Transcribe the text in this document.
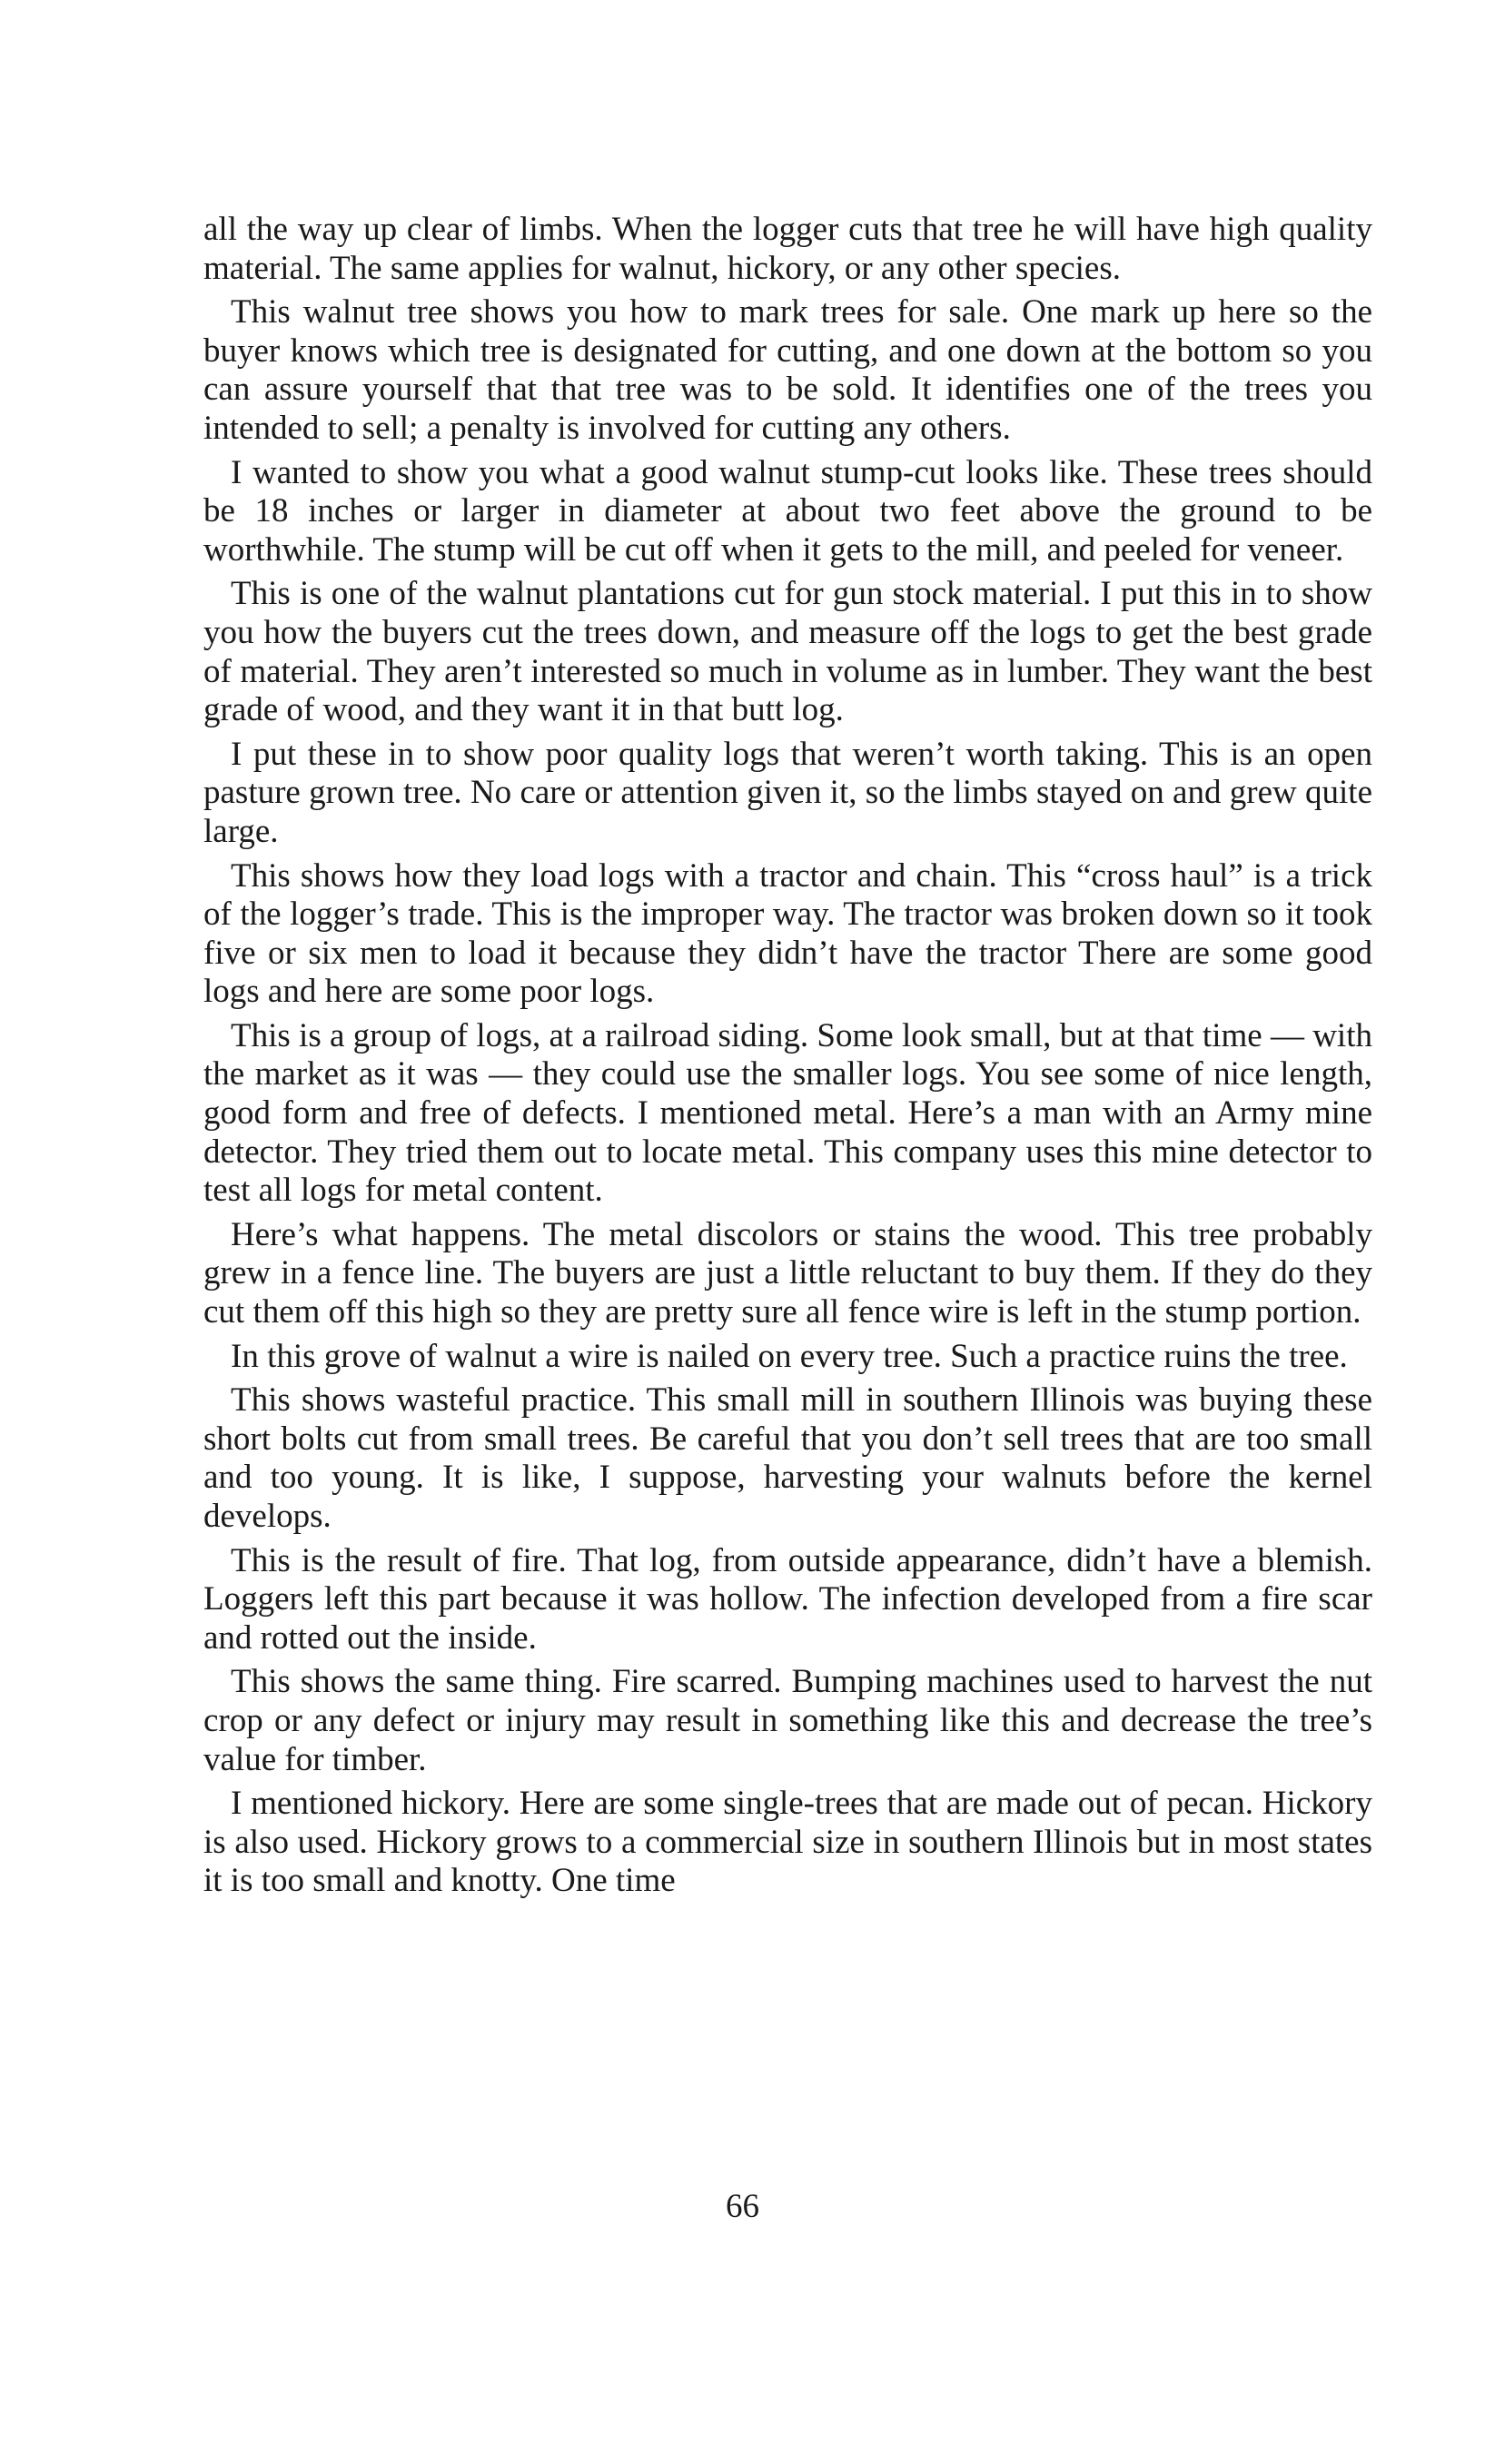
all the way up clear of limbs. When the logger cuts that tree he will have high quality material. The same applies for walnut, hickory, or any other species.

This walnut tree shows you how to mark trees for sale. One mark up here so the buyer knows which tree is designated for cutting, and one down at the bottom so you can assure yourself that that tree was to be sold. It identifies one of the trees you intended to sell; a penalty is involved for cutting any others.

I wanted to show you what a good walnut stump-cut looks like. These trees should be 18 inches or larger in diameter at about two feet above the ground to be worthwhile. The stump will be cut off when it gets to the mill, and peeled for veneer.

This is one of the walnut plantations cut for gun stock material. I put this in to show you how the buyers cut the trees down, and measure off the logs to get the best grade of material. They aren’t interested so much in volume as in lumber. They want the best grade of wood, and they want it in that butt log.

I put these in to show poor quality logs that weren’t worth taking. This is an open pasture grown tree. No care or attention given it, so the limbs stayed on and grew quite large.

This shows how they load logs with a tractor and chain. This “cross haul” is a trick of the logger’s trade. This is the improper way. The tractor was broken down so it took five or six men to load it because they didn’t have the tractor There are some good logs and here are some poor logs.

This is a group of logs, at a railroad siding. Some look small, but at that time — with the market as it was — they could use the smaller logs. You see some of nice length, good form and free of defects. I mentioned metal. Here’s a man with an Army mine detector. They tried them out to locate metal. This company uses this mine detector to test all logs for metal content.

Here’s what happens. The metal discolors or stains the wood. This tree probably grew in a fence line. The buyers are just a little reluctant to buy them. If they do they cut them off this high so they are pretty sure all fence wire is left in the stump portion.

In this grove of walnut a wire is nailed on every tree. Such a practice ruins the tree.

This shows wasteful practice. This small mill in southern Illinois was buying these short bolts cut from small trees. Be careful that you don’t sell trees that are too small and too young. It is like, I suppose, harvesting your walnuts before the kernel develops.

This is the result of fire. That log, from outside appearance, didn’t have a blemish. Loggers left this part because it was hollow. The infection developed from a fire scar and rotted out the inside.

This shows the same thing. Fire scarred. Bumping machines used to harvest the nut crop or any defect or injury may result in something like this and decrease the tree’s value for timber.

I mentioned hickory. Here are some single-trees that are made out of pecan. Hickory is also used. Hickory grows to a commercial size in southern Illinois but in most states it is too small and knotty. One time

66
